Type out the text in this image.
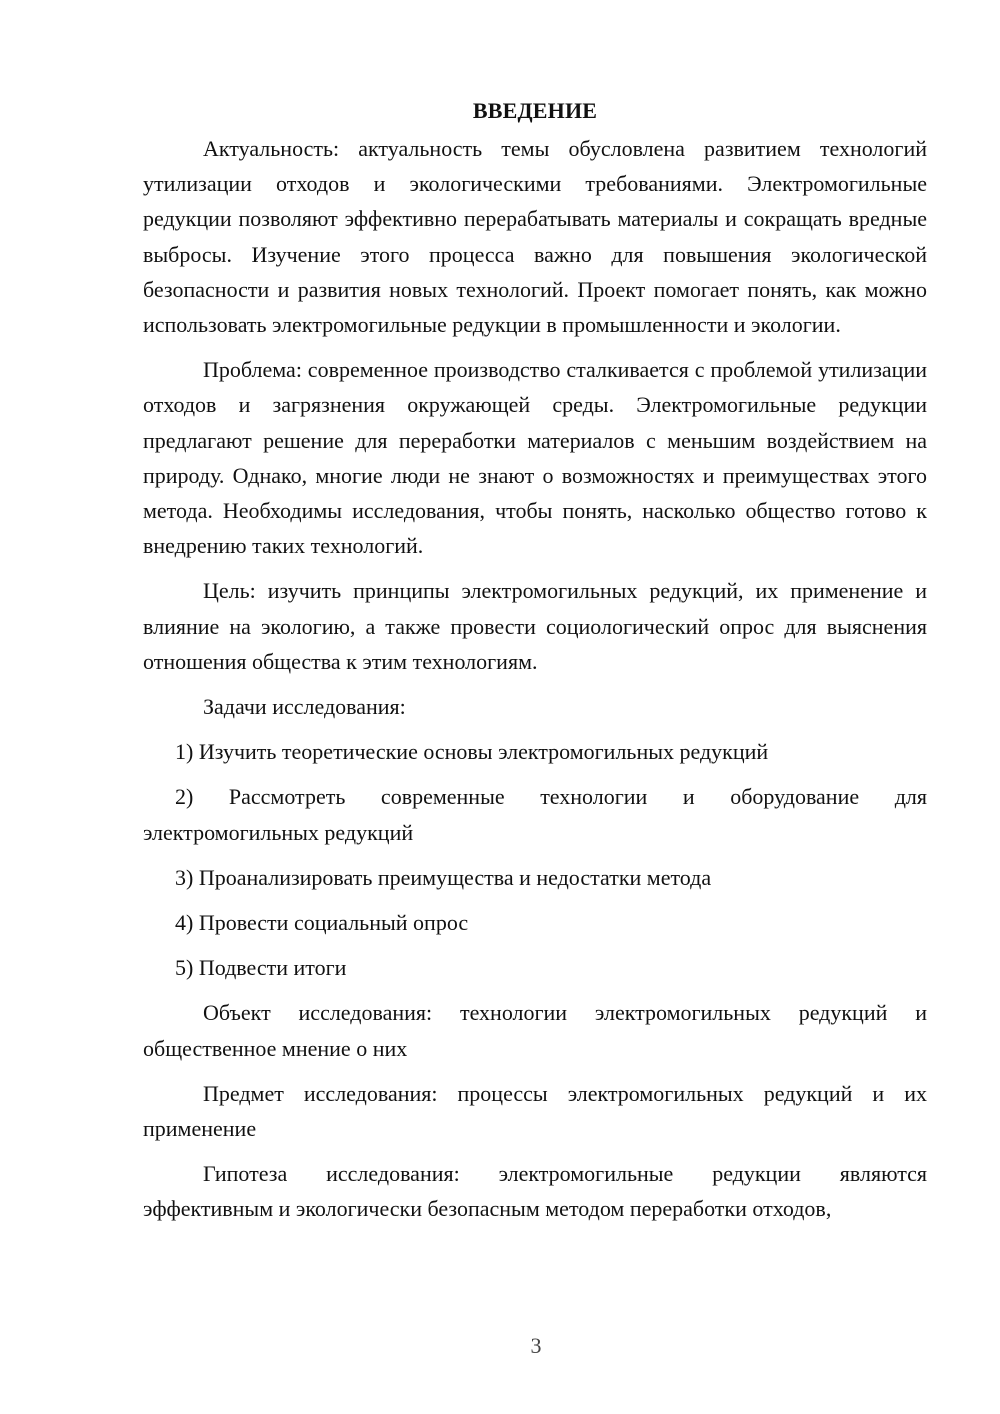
ВВЕДЕНИЕ

Актуальность: актуальность темы обусловлена развитием технологий утилизации отходов и экологическими требованиями. Электромогильные редукции позволяют эффективно перерабатывать материалы и сокращать вредные выбросы. Изучение этого процесса важно для повышения экологической безопасности и развития новых технологий. Проект помогает понять, как можно использовать электромогильные редукции в промышленности и экологии.

Проблема: современное производство сталкивается с проблемой утилизации отходов и загрязнения окружающей среды. Электромогильные редукции предлагают решение для переработки материалов с меньшим воздействием на природу. Однако, многие люди не знают о возможностях и преимуществах этого метода. Необходимы исследования, чтобы понять, насколько общество готово к внедрению таких технологий.

Цель: изучить принципы электромогильных редукций, их применение и влияние на экологию, а также провести социологический опрос для выяснения отношения общества к этим технологиям.

Задачи исследования:

1) Изучить теоретические основы электромогильных редукций

2) Рассмотреть современные технологии и оборудование для электромогильных редукций

3) Проанализировать преимущества и недостатки метода

4) Провести социальный опрос

5) Подвести итоги

Объект исследования: технологии электромогильных редукций и общественное мнение о них

Предмет исследования: процессы электромогильных редукций и их применение

Гипотеза исследования: электромогильные редукции являются эффективным и экологически безопасным методом переработки отходов,

3
